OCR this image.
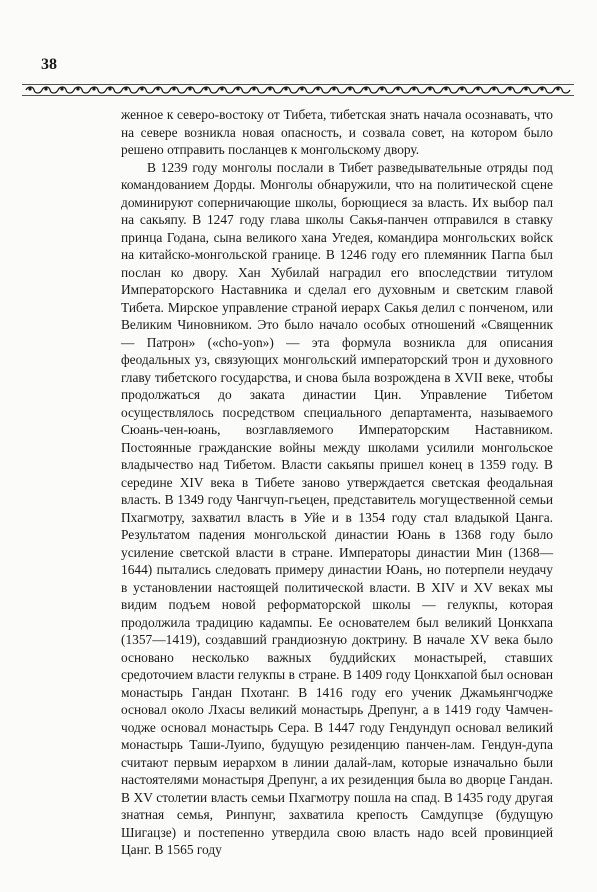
38

женное к северо-востоку от Тибета, тибетская знать начала осознавать, что на севере возникла новая опасность, и созвала совет, на котором было решено отправить посланцев к монгольскому двору.

В 1239 году монголы послали в Тибет разведывательные отряды под командованием Дорды. Монголы обнаружили, что на политической сцене доминируют соперничающие школы, борющиеся за власть. Их выбор пал на сакьяпу. В 1247 году глава школы Сакья-панчен отправился в ставку принца Годана, сына великого хана Угедея, командира монгольских войск на китайско-монгольской границе. В 1246 году его племянник Пагпа был послан ко двору. Хан Хубилай наградил его впоследствии титулом Императорского Наставника и сделал его духовным и светским главой Тибета. Мирское управление страной иерарх Сакья делил с понченом, или Великим Чиновником. Это было начало особых отношений «Священник — Патрон» («cho-yon») — эта формула возникла для описания феодальных уз, связующих монгольский императорский трон и духовного главу тибетского государства, и снова была возрождена в XVII веке, чтобы продолжаться до заката династии Цин. Управление Тибетом осуществлялось посредством специального департамента, называемого Сюань-чен-юань, возглавляемого Императорским Наставником. Постоянные гражданские войны между школами усилили монгольское владычество над Тибетом. Власти сакьяпы пришел конец в 1359 году. В середине XIV века в Тибете заново утверждается светская феодальная власть. В 1349 году Чангчуп-гьецен, представитель могущественной семьи Пхагмотру, захватил власть в Уйе и в 1354 году стал владыкой Цанга. Результатом падения монгольской династии Юань в 1368 году было усиление светской власти в стране. Императоры династии Мин (1368—1644) пытались следовать примеру династии Юань, но потерпели неудачу в установлении настоящей политической власти. В XIV и XV веках мы видим подъем новой реформаторской школы — гелукпы, которая продолжила традицию кадампы. Ее основателем был великий Цонкхапа (1357—1419), создавший грандиозную доктрину. В начале XV века было основано несколько важных буддийских монастырей, ставших средоточием власти гелукпы в стране. В 1409 году Цонкхапой был основан монастырь Гандан Пхотанг. В 1416 году его ученик Джамьянгчодже основал около Лхасы великий монастырь Дрепунг, а в 1419 году Чамчен-чодже основал монастырь Сера. В 1447 году Гендундуп основал великий монастырь Таши-Луипо, будущую резиденцию панчен-лам. Гендун-дупа считают первым иерархом в линии далай-лам, которые изначально были настоятелями монастыря Дрепунг, а их резиденция была во дворце Гандан. В XV столетии власть семьи Пхагмотру пошла на спад. В 1435 году другая знатная семья, Ринпунг, захватила крепость Самдупцзе (будущую Шигацзе) и постепенно утвердила свою власть надо всей провинцией Цанг. В 1565 году
